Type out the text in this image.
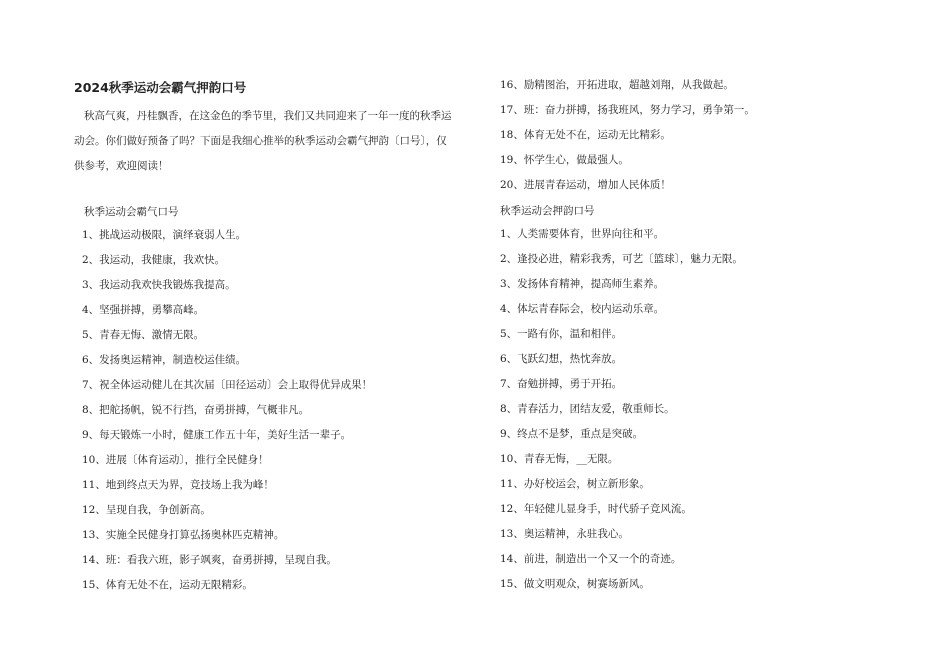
2024秋季运动会霸气押韵口号
秋高气爽，丹桂飘香，在这金色的季节里，我们又共同迎来了一年一度的秋季运动会。你们做好预备了吗？下面是我细心推举的秋季运动会霸气押韵〔口号〕，仅供参考，欢迎阅读！
秋季运动会霸气口号
1、挑战运动极限，演绎衰弱人生。
2、我运动，我健康，我欢快。
3、我运动我欢快我锻炼我提高。
4、坚强拼搏，勇攀高峰。
5、青春无悔、激情无限。
6、发扬奥运精神，制造校运佳绩。
7、祝全体运动健儿在其次届〔田径运动〕会上取得优异成果！
8、把舵扬帆，锐不行挡，奋勇拼搏，气概非凡。
9、每天锻炼一小时，健康工作五十年，美好生活一辈子。
10、进展〔体育运动〕，推行全民健身！
11、地到终点天为界，竞技场上我为峰！
12、呈现自我，争创新高。
13、实施全民健身打算弘扬奥林匹克精神。
14、班：看我六班，影子飒爽，奋勇拼搏，呈现自我。
15、体育无处不在，运动无限精彩。
16、励精图治，开拓进取，超越刘翔，从我做起。
17、班：奋力拼搏，扬我班风，努力学习，勇争第一。
18、体育无处不在，运动无比精彩。
19、怀学生心，做最强人。
20、进展青春运动，增加人民体质！
秋季运动会押韵口号
1、人类需要体育，世界向往和平。
2、逢投必进，精彩我秀，可艺〔篮球〕，魅力无限。
3、发扬体育精神，提高师生素养。
4、体坛青春际会，校内运动乐章。
5、一路有你，温和相伴。
6、飞跃幻想，热忱奔放。
7、奋勉拼搏，勇于开拓。
8、青春活力，团结友爱，敬重师长。
9、终点不是梦，重点是突破。
10、青春无悔，__无限。
11、办好校运会，树立新形象。
12、年轻健儿显身手，时代骄子竞风流。
13、奥运精神，永驻我心。
14、前进，制造出一个又一个的奇迹。
15、做文明观众，树赛场新风。
